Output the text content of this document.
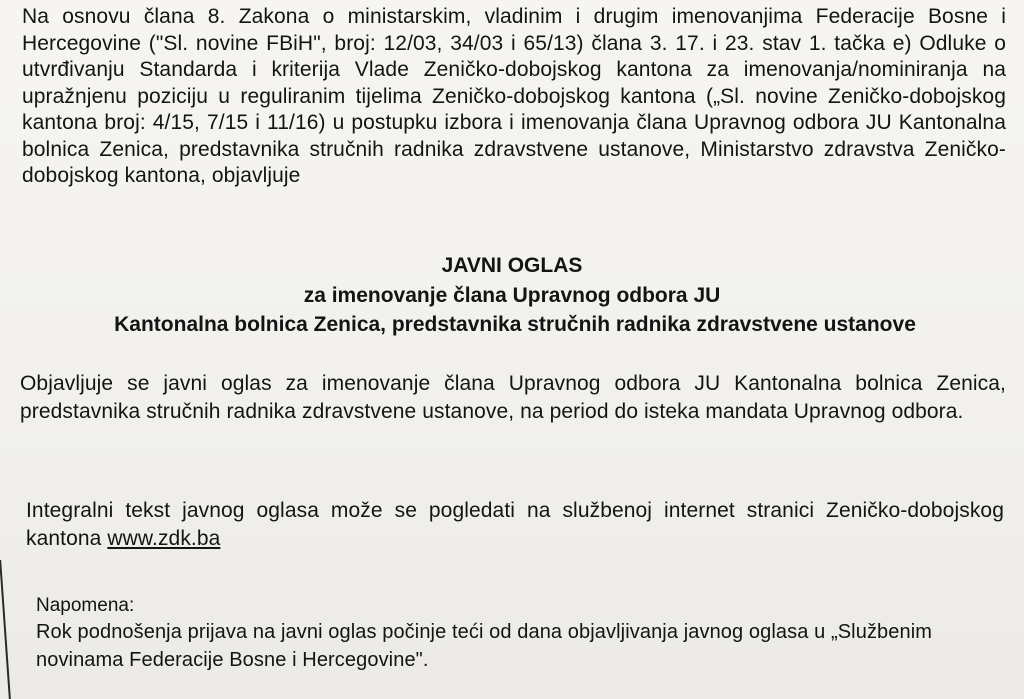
Na osnovu člana 8. Zakona o ministarskim, vladinim i drugim imenovanjima Federacije Bosne i Hercegovine ("Sl. novine FBiH", broj: 12/03, 34/03 i 65/13) člana 3. 17. i 23. stav 1. tačka e) Odluke o utvrđivanju Standarda i kriterija Vlade Zeničko-dobojskog kantona za imenovanja/nominiranja na upražnjenu poziciju u reguliranim tijelima Zeničko-dobojskog kantona („Sl. novine Zeničko-dobojskog kantona broj: 4/15, 7/15 i 11/16) u postupku izbora i imenovanja člana Upravnog odbora JU Kantonalna bolnica Zenica, predstavnika stručnih radnika zdravstvene ustanove, Ministarstvo zdravstva Zeničko-dobojskog kantona, objavljuje

JAVNI OGLAS
za imenovanje člana Upravnog odbora JU
Kantonalna bolnica Zenica, predstavnika stručnih radnika zdravstvene ustanove

Objavljuje se javni oglas za imenovanje člana Upravnog odbora JU Kantonalna bolnica Zenica, predstavnika stručnih radnika zdravstvene ustanove, na period do isteka mandata Upravnog odbora.

Integralni tekst javnog oglasa može se pogledati na službenoj internet stranici Zeničko-dobojskog kantona www.zdk.ba

Napomena:

Rok podnošenja prijava na javni oglas počinje teći od dana objavljivanja javnog oglasa u „Službenim novinama Federacije Bosne i Hercegovine".
